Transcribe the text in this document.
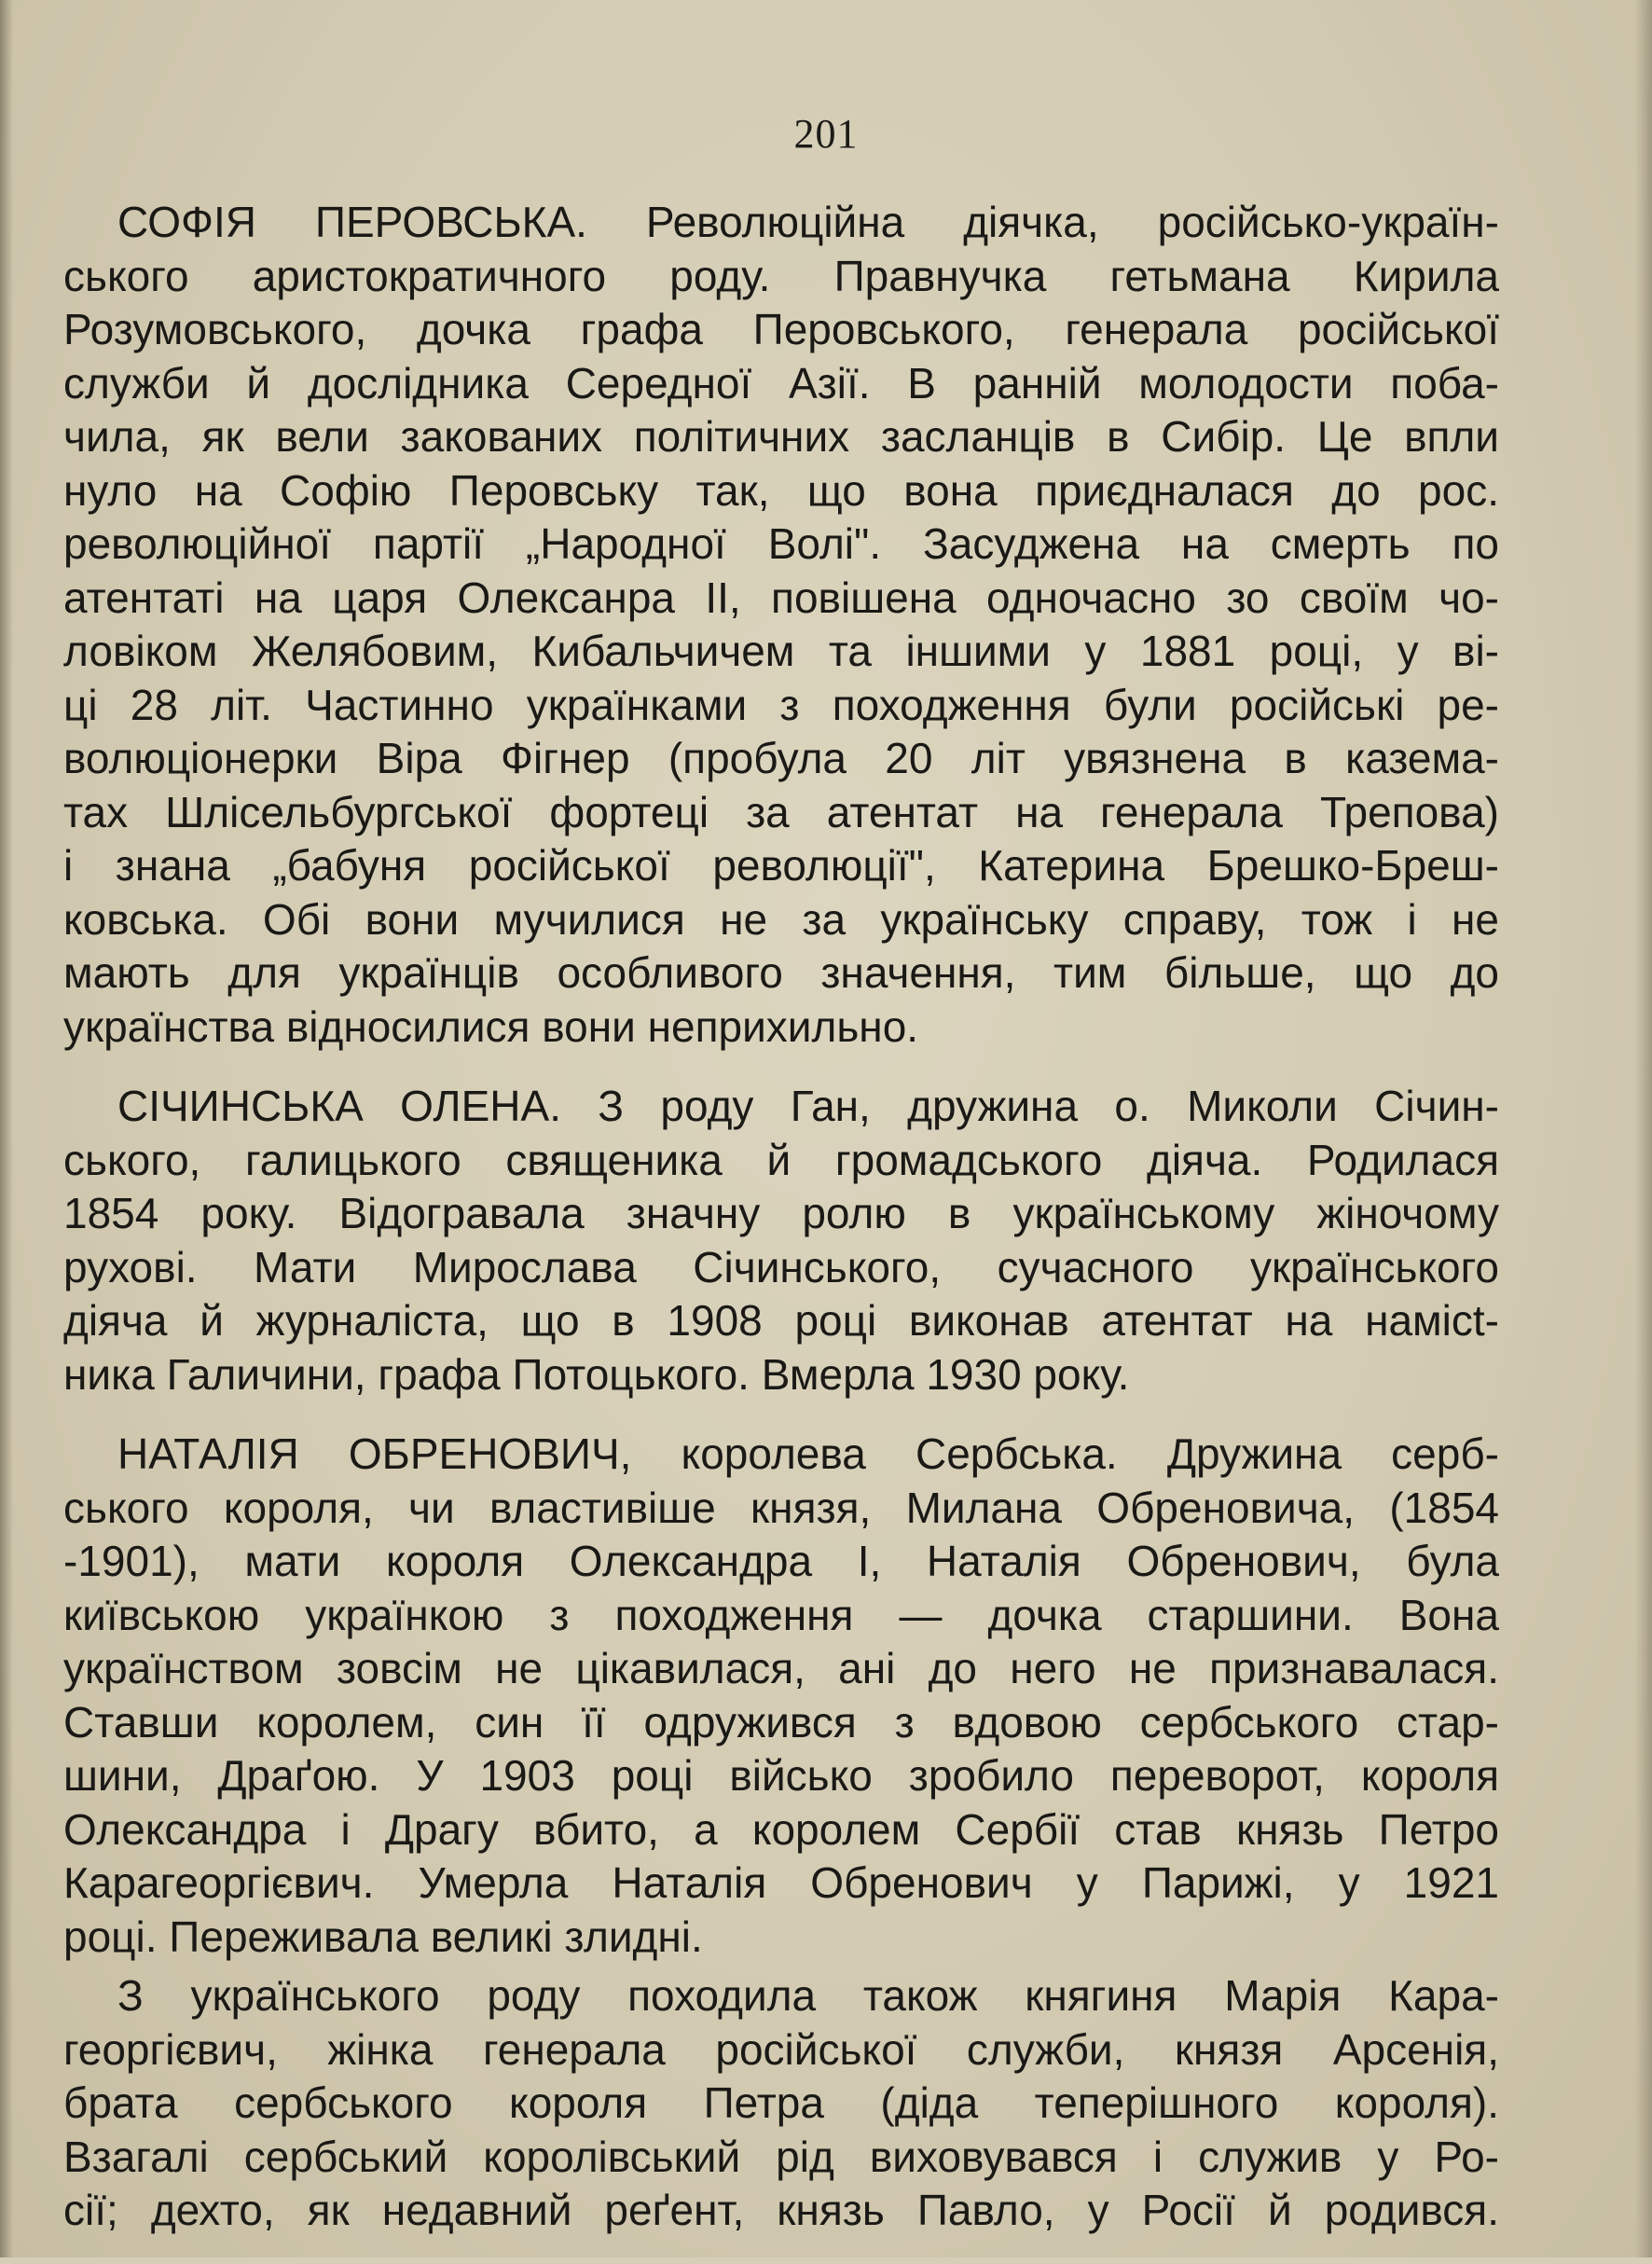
201
СОФІЯ ПЕРОВСЬКА. Революційна діячка, російсько-україн-
ського аристократичного роду. Правнучка гетьмана Кирила
Розумовського, дочка графа Перовського, генерала російської
служби й дослідника Середної Азії. В ранній молодости поба-
чила, як вели закованих політичних засланців в Сибір. Це впли
нуло на Софію Перовську так, що вона приєдналася до рос.
революційної партії „Народної Волі". Засуджена на смерть по
атентаті на царя Олексанра II, повішена одночасно зо своїм чо-
ловіком Желябовим, Кибальчичем та іншими у 1881 році, у ві-
ці 28 літ. Частинно українками з походження були російські ре-
волюціонерки Віра Фігнер (пробула 20 літ увязнена в казема-
тах Шлісельбургської фортеці за атентат на генерала Трепова)
і знана „бабуня російської революції", Катерина Брешко-Брeш-
ковська. Обі вони мучилися не за українську справу, тож і не
мають для українців особливого значення, тим більше, що до
українства відносилися вони неприхильно.
СІЧИНСЬКА ОЛЕНА. З роду Ган, дружина о. Миколи Січин-
ського, галицького священика й громадського діяча. Родилася
1854 року. Відогравала значну ролю в українському жіночому
рухові. Мати Мирослава Січинського, сучасного українського
діяча й журналіста, що в 1908 році виконав атентат на намісt-
ника Галичини, графа Потоцького. Вмерла 1930 року.
НАТАЛІЯ ОБРЕНОВИЧ, королева Сербська. Дружина серб-
ського короля, чи властивіше князя, Милана Обреновича, (1854
-1901), мати короля Олександра I, Наталія Обренович, була
київською українкою з походження — дочка старшини. Вона
українством зовсім не цікавилася, ані до него не признавалася.
Ставши королем, син її одружився з вдовою сербського стар-
шини, Драґою. У 1903 році військо зробило переворот, короля
Олександра і Драгу вбито, а королем Сербії став князь Петро
Карагеоргієвич. Умерла Наталія Обренович у Парижі, у 1921
році. Переживала великі злидні.
З українського роду походила також княгиня Марія Кара-
георгієвич, жінка генерала російської служби, князя Арсенія,
брата сербського короля Петра (діда теперішного короля).
Взагалі сербський королівський рід виховувався і служив у Ро-
сії; дехто, як недавний реґент, князь Павло, у Росії й родився.
